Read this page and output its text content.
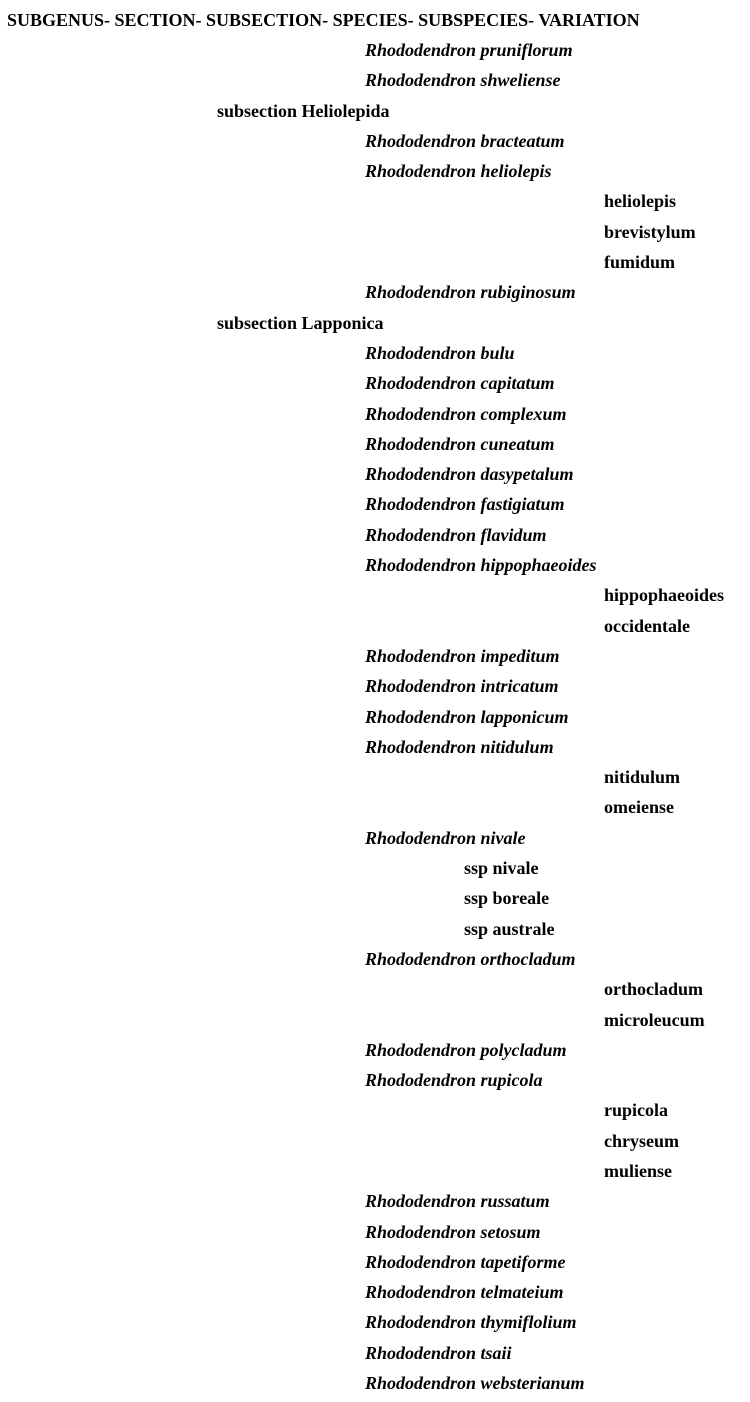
SUBGENUS- SECTION- SUBSECTION- SPECIES- SUBSPECIES- VARIATION
Rhododendron pruniflorum
Rhododendron shweliense
subsection Heliolepida
Rhododendron bracteatum
Rhododendron heliolepis
heliolepis
brevistylum
fumidum
Rhododendron rubiginosum
subsection Lapponica
Rhododendron bulu
Rhododendron capitatum
Rhododendron complexum
Rhododendron cuneatum
Rhododendron dasypetalum
Rhododendron fastigiatum
Rhododendron flavidum
Rhododendron hippophaeoides
hippophaeoides
occidentale
Rhododendron impeditum
Rhododendron intricatum
Rhododendron lapponicum
Rhododendron nitidulum
nitidulum
omeiense
Rhododendron nivale
ssp nivale
ssp boreale
ssp australe
Rhododendron orthocladum
orthocladum
microleucum
Rhododendron polycladum
Rhododendron rupicola
rupicola
chryseum
muliense
Rhododendron russatum
Rhododendron setosum
Rhododendron tapetiforme
Rhododendron telmateium
Rhododendron thymiflolium
Rhododendron tsaii
Rhododendron websterianum
